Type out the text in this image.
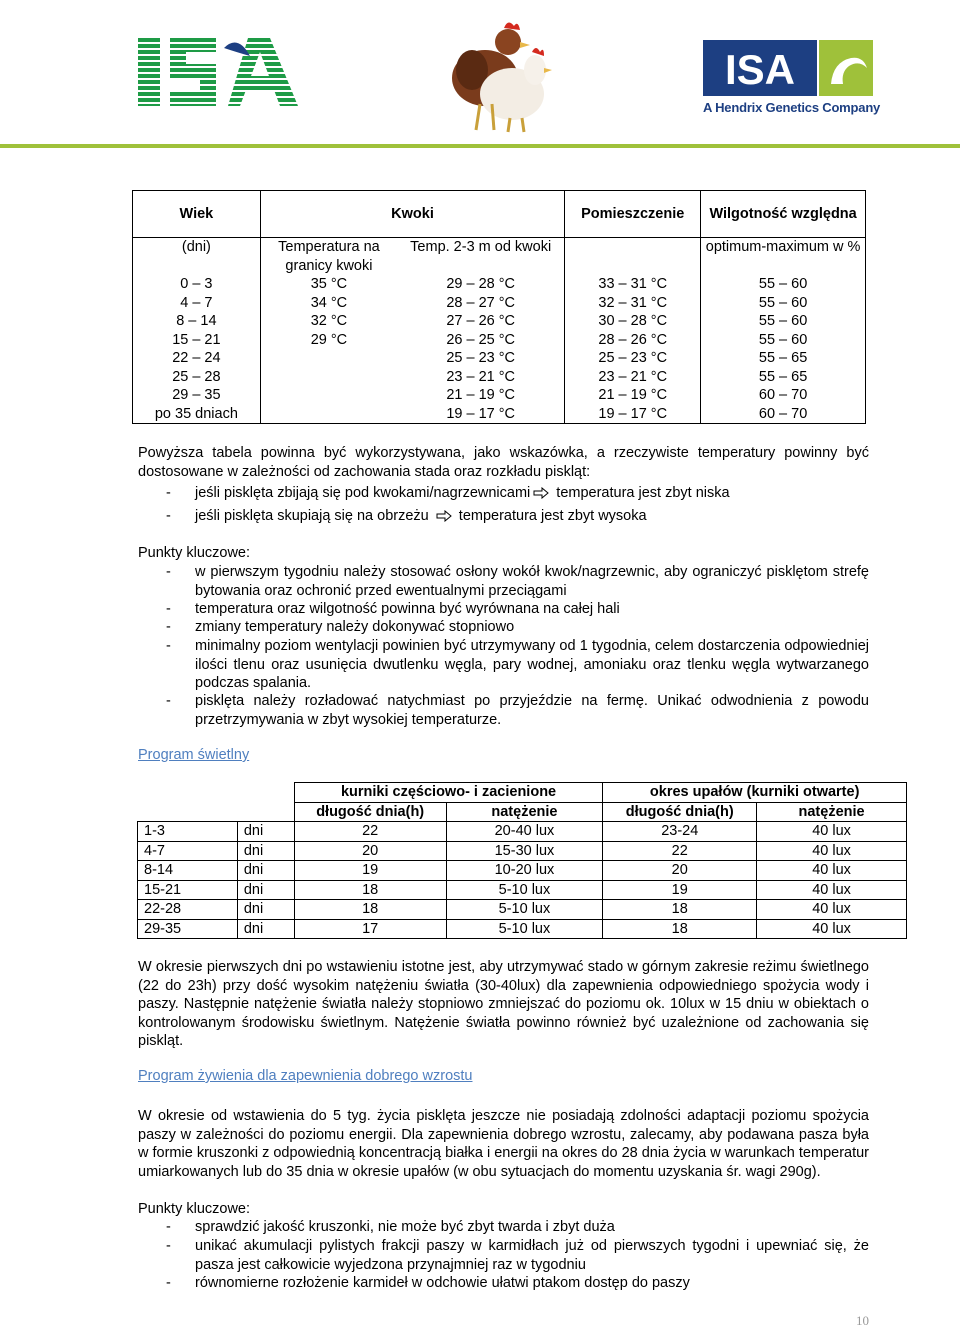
ISA
A Hendrix Genetics Company
Wiek	Kwoki		Pomieszczenie	Wilgotność względna
(dni)	Temperatura na granicy kwoki	Temp. 2-3 m od kwoki		optimum-maximum w %
0 – 3	35 °C	29 – 28 °C	33 – 31 °C	55 – 60
4 – 7	34 °C	28 – 27 °C	32 – 31 °C	55 – 60
8 – 14	32 °C	27 – 26 °C	30 – 28 °C	55 – 60
15 – 21	29 °C	26 – 25 °C	28 – 26 °C	55 – 60
22 – 24		25 – 23 °C	25 – 23 °C	55 – 65
25 – 28		23 – 21 °C	23 – 21 °C	55 – 65
29 – 35		21 – 19 °C	21 – 19 °C	60 – 70
po 35 dniach		19 – 17 °C	19 – 17 °C	60 – 70
Powyższa tabela powinna być wykorzystywana, jako wskazówka, a rzeczywiste temperatury powinny być dostosowane w zależności od zachowania stada oraz rozkładu piskląt:
- jeśli pisklęta zbijają się pod kwokami/nagrzewnicami temperatura jest zbyt niska
- jeśli pisklęta skupiają się na obrzeżu  temperatura jest zbyt wysoka
Punkty kluczowe:
- w pierwszym tygodniu należy stosować osłony wokół kwok/nagrzewnic, aby ograniczyć pisklętom strefę bytowania oraz ochronić przed ewentualnymi przeciągami
- temperatura oraz wilgotność powinna być wyrównana na całej hali
- zmiany temperatury należy dokonywać stopniowo
- minimalny poziom wentylacji powinien być utrzymywany od 1 tygodnia, celem dostarczenia odpowiedniej ilości tlenu oraz usunięcia dwutlenku węgla, pary wodnej, amoniaku oraz tlenku węgla wytwarzanego podczas spalania.
- pisklęta należy rozładować natychmiast po przyjeździe na fermę. Unikać odwodnienia z powodu przetrzymywania w zbyt wysokiej temperaturze.
Program świetlny
		kurniki częściowo- i zacienione		okres upałów (kurniki otwarte)	
		długość dnia(h)	natężenie	długość dnia(h)	natężenie
1-3	dni	22	20-40 lux	23-24	40 lux
4-7	dni	20	15-30 lux	22	40 lux
8-14	dni	19	10-20 lux	20	40 lux
15-21	dni	18	5-10 lux	19	40 lux
22-28	dni	18	5-10 lux	18	40 lux
29-35	dni	17	5-10 lux	18	40 lux
W okresie pierwszych dni po wstawieniu istotne jest, aby utrzymywać stado w górnym zakresie reżimu świetlnego (22 do 23h) przy dość wysokim natężeniu światła (30-40lux) dla zapewnienia odpowiedniego spożycia wody i paszy. Następnie natężenie światła należy stopniowo zmniejszać do poziomu ok. 10lux w 15 dniu w obiektach o kontrolowanym środowisku świetlnym. Natężenie światła powinno również być uzależnione od zachowania się piskląt.
Program żywienia dla zapewnienia dobrego wzrostu
W okresie od wstawienia do 5 tyg. życia pisklęta jeszcze nie posiadają zdolności adaptacji poziomu spożycia paszy w zależności do poziomu energii. Dla zapewnienia dobrego wzrostu, zalecamy, aby podawana pasza była w formie kruszonki z odpowiednią koncentracją białka i energii na okres do 28 dnia życia w warunkach temperatur umiarkowanych lub do 35 dnia w okresie upałów (w obu sytuacjach do momentu uzyskania śr. wagi 290g).
Punkty kluczowe:
- sprawdzić jakość kruszonki, nie może być zbyt twarda i zbyt duża
- unikać akumulacji pylistych frakcji paszy w karmidłach już od pierwszych tygodni i upewniać się, że pasza jest całkowicie wyjedzona przynajmniej raz w tygodniu
- równomierne rozłożenie karmideł w odchowie ułatwi ptakom dostęp do paszy
10
